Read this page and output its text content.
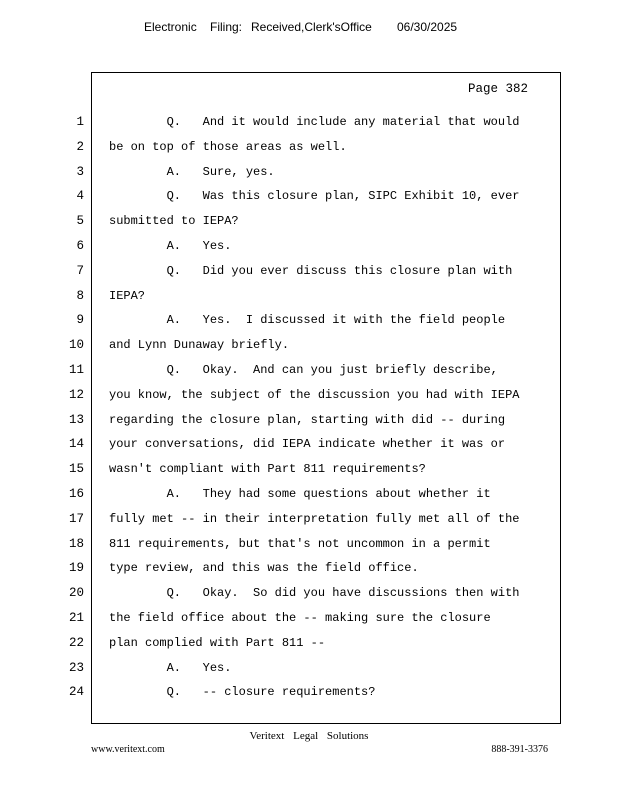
Electronic Filing: Received,Clerk'sOffice 06/30/2025
Page 382
1
2
3
4
5
6
7
8
9
10
11
12
13
14
15
16
17
18
19
20
21
22
23
24
Q.   And it would include any material that would
be on top of those areas as well.
A.   Sure, yes.
Q.   Was this closure plan, SIPC Exhibit 10, ever
submitted to IEPA?
A.   Yes.
Q.   Did you ever discuss this closure plan with
IEPA?
A.   Yes.  I discussed it with the field people
and Lynn Dunaway briefly.
Q.   Okay.  And can you just briefly describe,
you know, the subject of the discussion you had with IEPA
regarding the closure plan, starting with did -- during
your conversations, did IEPA indicate whether it was or
wasn't compliant with Part 811 requirements?
A.   They had some questions about whether it
fully met -- in their interpretation fully met all of the
811 requirements, but that's not uncommon in a permit
type review, and this was the field office.
Q.   Okay.  So did you have discussions then with
the field office about the -- making sure the closure
plan complied with Part 811 --
A.   Yes.
Q.   -- closure requirements?
Veritext Legal Solutions
www.veritext.com	888-391-3376
